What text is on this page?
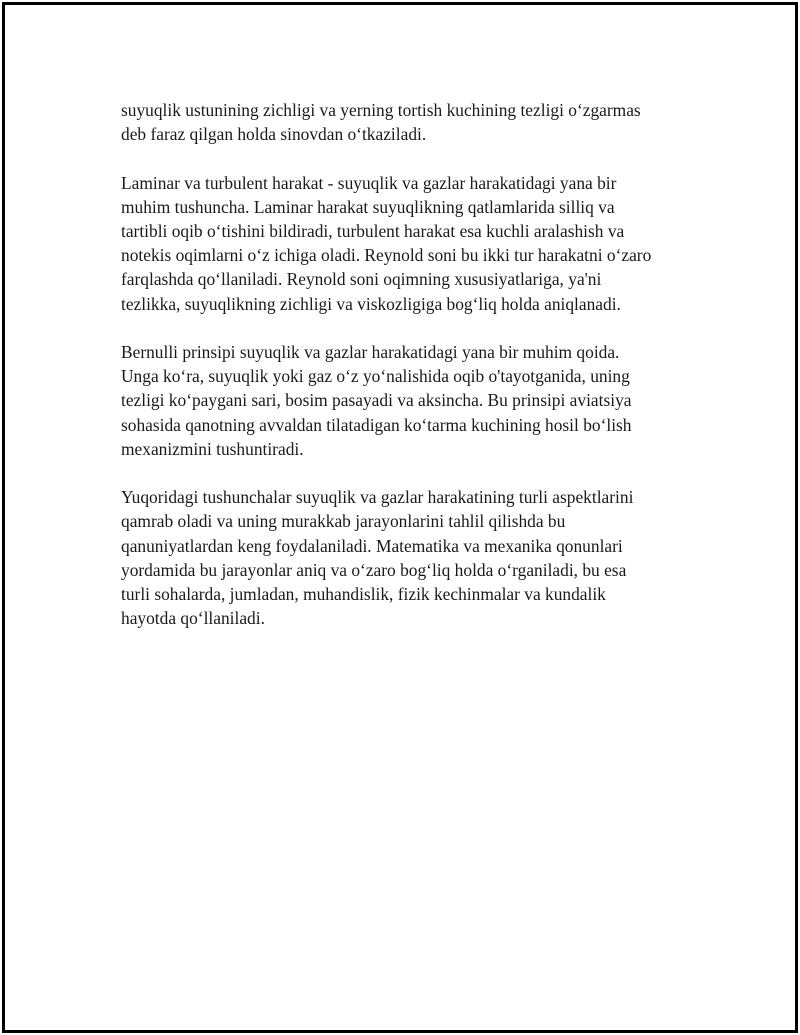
suyuqlik ustunining zichligi va yerning tortish kuchining tezligi o‘zgarmas
deb faraz qilgan holda sinovdan o‘tkaziladi.

Laminar va turbulent harakat - suyuqlik va gazlar harakatidagi yana bir
muhim tushuncha. Laminar harakat suyuqlikning qatlamlarida silliq va
tartibli oqib o‘tishini bildiradi, turbulent harakat esa kuchli aralashish va
notekis oqimlarni o‘z ichiga oladi. Reynold soni bu ikki tur harakatni o‘zaro
farqlashda qo‘llaniladi. Reynold soni oqimning xususiyatlariga, ya'ni
tezlikka, suyuqlikning zichligi va viskozligiga bog‘liq holda aniqlanadi.

Bernulli prinsipi suyuqlik va gazlar harakatidagi yana bir muhim qoida.
Unga ko‘ra, suyuqlik yoki gaz o‘z yo‘nalishida oqib o'tayotganida, uning
tezligi ko‘paygani sari, bosim pasayadi va aksincha. Bu prinsipi aviatsiya
sohasida qanotning avvaldan tilatadigan ko‘tarma kuchining hosil bo‘lish
mexanizmini tushuntiradi.

Yuqoridagi tushunchalar suyuqlik va gazlar harakatining turli aspektlarini
qamrab oladi va uning murakkab jarayonlarini tahlil qilishda bu
qanuniyatlardan keng foydalaniladi. Matematika va mexanika qonunlari
yordamida bu jarayonlar aniq va o‘zaro bog‘liq holda o‘rganiladi, bu esa
turli sohalarda, jumladan, muhandislik, fizik kechinmalar va kundalik
hayotda qo‘llaniladi.
